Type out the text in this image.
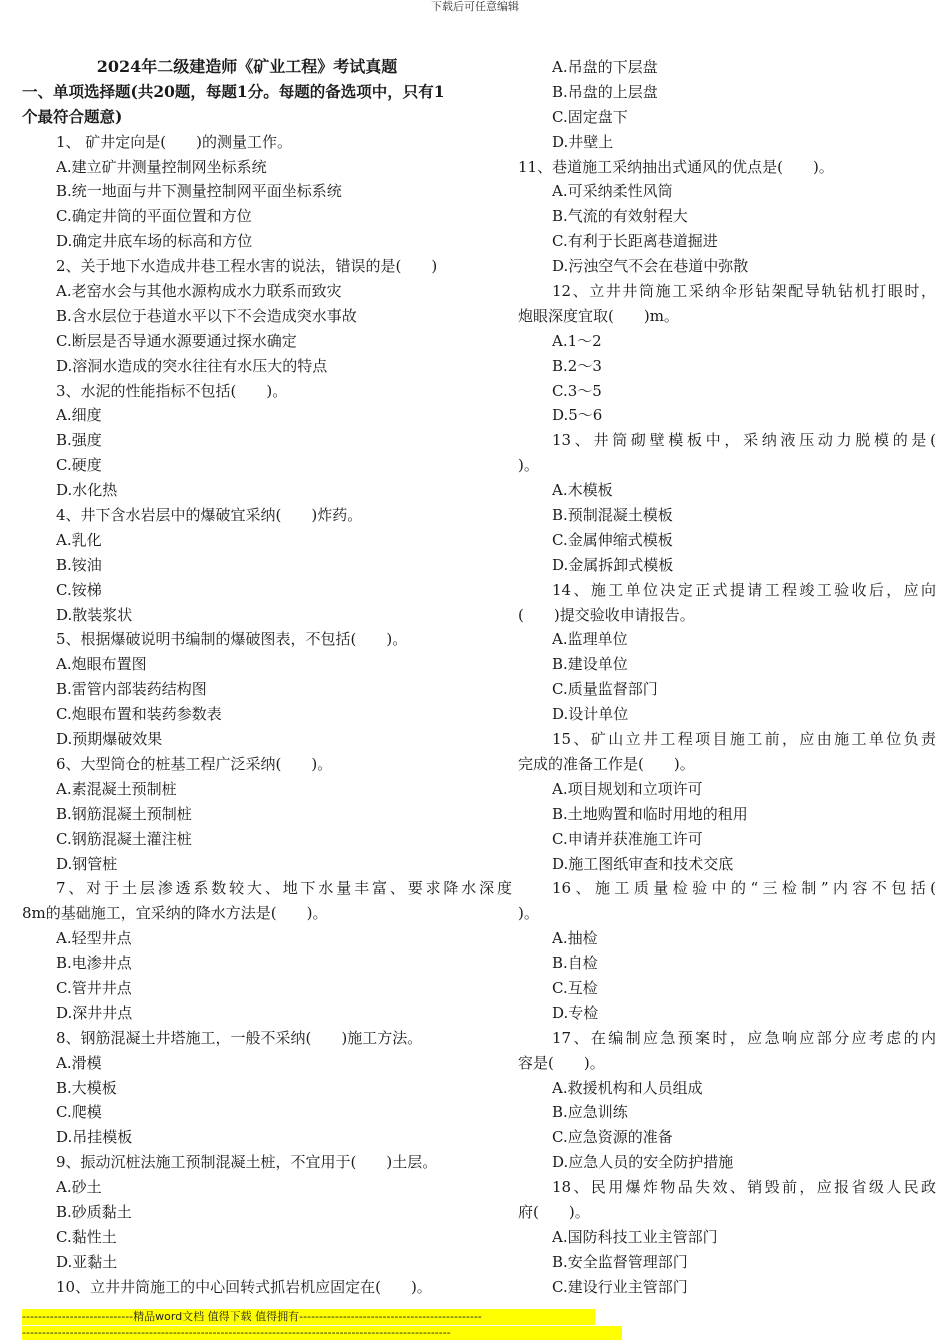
下载后可任意编辑
2024年二级建造师《矿业工程》考试真题
一、单项选择题(共20题，每题1分。每题的备选项中，只有1
个最符合题意)
1、 矿井定向是(　　)的测量工作。
A.建立矿井测量控制网坐标系统
B.统一地面与井下测量控制网平面坐标系统
C.确定井筒的平面位置和方位
D.确定井底车场的标高和方位
2、关于地下水造成井巷工程水害的说法，错误的是(　　)
A.老窑水会与其他水源构成水力联系而致灾
B.含水层位于巷道水平以下不会造成突水事故
C.断层是否导通水源要通过探水确定
D.溶洞水造成的突水往往有水压大的特点
3、水泥的性能指标不包括(　　)。
A.细度
B.强度
C.硬度
D.水化热
4、井下含水岩层中的爆破宜采纳(　　)炸药。
A.乳化
B.铵油
C.铵梯
D.散装浆状
5、根据爆破说明书编制的爆破图表，不包括(　　)。
A.炮眼布置图
B.雷管内部装药结构图
C.炮眼布置和装药参数表
D.预期爆破效果
6、大型筒仓的桩基工程广泛采纳(　　)。
A.素混凝土预制桩
B.钢筋混凝土预制桩
C.钢筋混凝土灌注桩
D.钢管桩
7、对于土层渗透系数较大、地下水量丰富、要求降水深度
8m的基础施工，宜采纳的降水方法是(　　)。
A.轻型井点
B.电渗井点
C.管井井点
D.深井井点
8、钢筋混凝土井塔施工，一般不采纳(　　)施工方法。
A.滑模
B.大模板
C.爬模
D.吊挂模板
9、振动沉桩法施工预制混凝土桩，不宜用于(　　)土层。
A.砂土
B.砂质黏土
C.黏性土
D.亚黏土
10、立井井筒施工的中心回转式抓岩机应固定在(　　)。
A.吊盘的下层盘
B.吊盘的上层盘
C.固定盘下
D.井壁上
11、巷道施工采纳抽出式通风的优点是(　　)。
A.可采纳柔性风筒
B.气流的有效射程大
C.有利于长距离巷道掘进
D.污浊空气不会在巷道中弥散
12、立井井筒施工采纳伞形钻架配导轨钻机打眼时，
炮眼深度宜取(　　)m。
A.1～2
B.2～3
C.3～5
D.5～6
13、井筒砌壁模板中，采纳液压动力脱模的是(
)。
A.木模板
B.预制混凝土模板
C.金属伸缩式模板
D.金属拆卸式模板
14、施工单位决定正式提请工程竣工验收后，应向
(　　)提交验收申请报告。
A.监理单位
B.建设单位
C.质量监督部门
D.设计单位
15、矿山立井工程项目施工前，应由施工单位负责
完成的准备工作是(　　)。
A.项目规划和立项许可
B.土地购置和临时用地的租用
C.申请并获准施工许可
D.施工图纸审查和技术交底
16、施工质量检验中的“三检制”内容不包括(
)。
A.抽检
B.自检
C.互检
D.专检
17、在编制应急预案时，应急响应部分应考虑的内
容是(　　)。
A.救援机构和人员组成
B.应急训练
C.应急资源的准备
D.应急人员的安全防护措施
18、民用爆炸物品失效、销毁前，应报省级人民政
府(　　)。
A.国防科技工业主管部门
B.安全监督管理部门
C.建设行业主管部门
----------------------------精品word文档 值得下载 值得拥有----------------------------------------------
------------------------------------------------------------------------------------------------------------
